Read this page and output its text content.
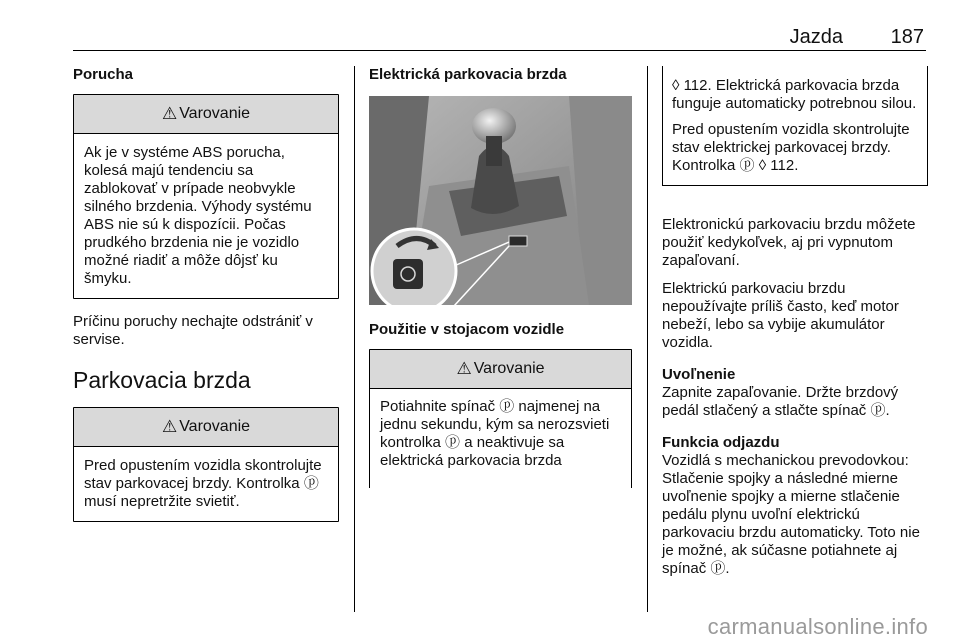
Jazda 187
Porucha
⚠ Varovanie
Ak je v systéme ABS porucha, kolesá majú tendenciu sa zablokovať v prípade neobvykle silného brzdenia. Výhody systému ABS nie sú k dispozícii. Počas prudkého brzdenia nie je vozidlo možné riadiť a môže dôjsť ku šmyku.
Príčinu poruchy nechajte odstrániť v servise.
Parkovacia brzda
⚠ Varovanie
Pred opustením vozidla skontrolujte stav parkovacej brzdy. Kontrolka ⓟ musí nepretržite svietiť.
Elektrická parkovacia brzda
Použitie v stojacom vozidle
⚠ Varovanie
Potiahnite spínač ⓟ najmenej na jednu sekundu, kým sa nerozsvieti kontrolka ⓟ a neaktivuje sa elektrická parkovacia brzda
◊ 112. Elektrická parkovacia brzda funguje automaticky potrebnou silou.
Pred opustením vozidla skontrolujte stav elektrickej parkovacej brzdy. Kontrolka ⓟ ◊ 112.
Elektronickú parkovaciu brzdu môžete použiť kedykoľvek, aj pri vypnutom zapaľovaní.
Elektrickú parkovaciu brzdu nepoužívajte príliš často, keď motor nebeží, lebo sa vybije akumulátor vozidla.
Uvoľnenie
Zapnite zapaľovanie. Držte brzdový pedál stlačený a stlačte spínač ⓟ.
Funkcia odjazdu
Vozidlá s mechanickou prevodovkou: Stlačenie spojky a následné mierne uvoľnenie spojky a mierne stlačenie pedálu plynu uvoľní elektrickú parkovaciu brzdu automaticky. Toto nie je možné, ak súčasne potiahnete aj spínač ⓟ.
carmanualsonline.info
